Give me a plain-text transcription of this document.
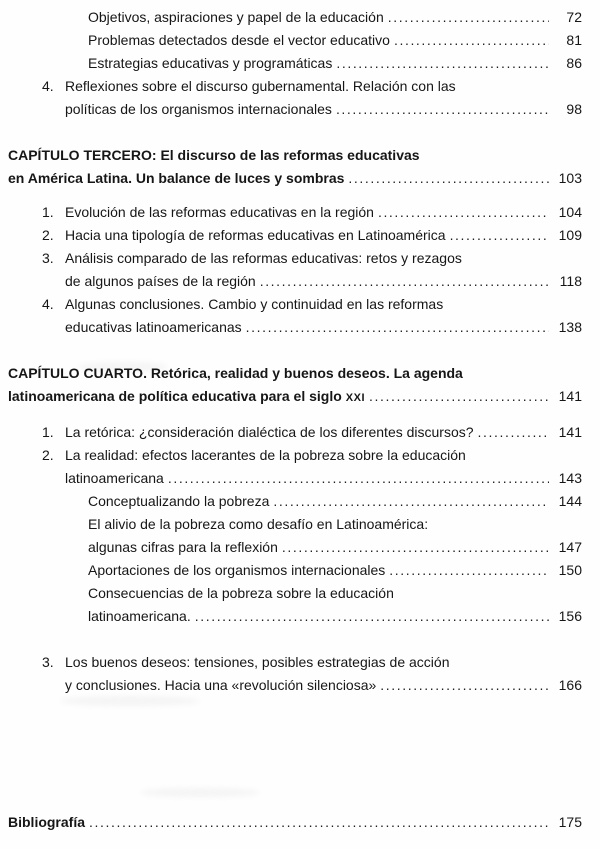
Objetivos, aspiraciones y papel de la educación .....	72
Problemas detectados desde el vector educativo .....	81
Estrategias educativas y programáticas .....	86
4. Reflexiones sobre el discurso gubernamental. Relación con las
políticas de los organismos internacionales .....	98
CAPÍTULO TERCERO: El discurso de las reformas educativas
en América Latina. Un balance de luces y sombras .....	103
1. Evolución de las reformas educativas en la región .....	104
2. Hacia una tipología de reformas educativas en Latinoamérica .....	109
3. Análisis comparado de las reformas educativas: retos y rezagos
de algunos países de la región .....	118
4. Algunas conclusiones. Cambio y continuidad en las reformas
educativas latinoamericanas .....	138
CAPÍTULO CUARTO. Retórica, realidad y buenos deseos. La agenda
latinoamericana de política educativa para el siglo XXI .....	141
1. La retórica: ¿consideración dialéctica de los diferentes discursos? .....	141
2. La realidad: efectos lacerantes de la pobreza sobre la educación
latinoamericana .....	143
Conceptualizando la pobreza .....	144
El alivio de la pobreza como desafío en Latinoamérica:
algunas cifras para la reflexión .....	147
Aportaciones de los organismos internacionales .....	150
Consecuencias de la pobreza sobre la educación
latinoamericana. .....	156
3. Los buenos deseos: tensiones, posibles estrategias de acción
y conclusiones. Hacia una «revolución silenciosa» .....	166
Bibliografía .....	175
